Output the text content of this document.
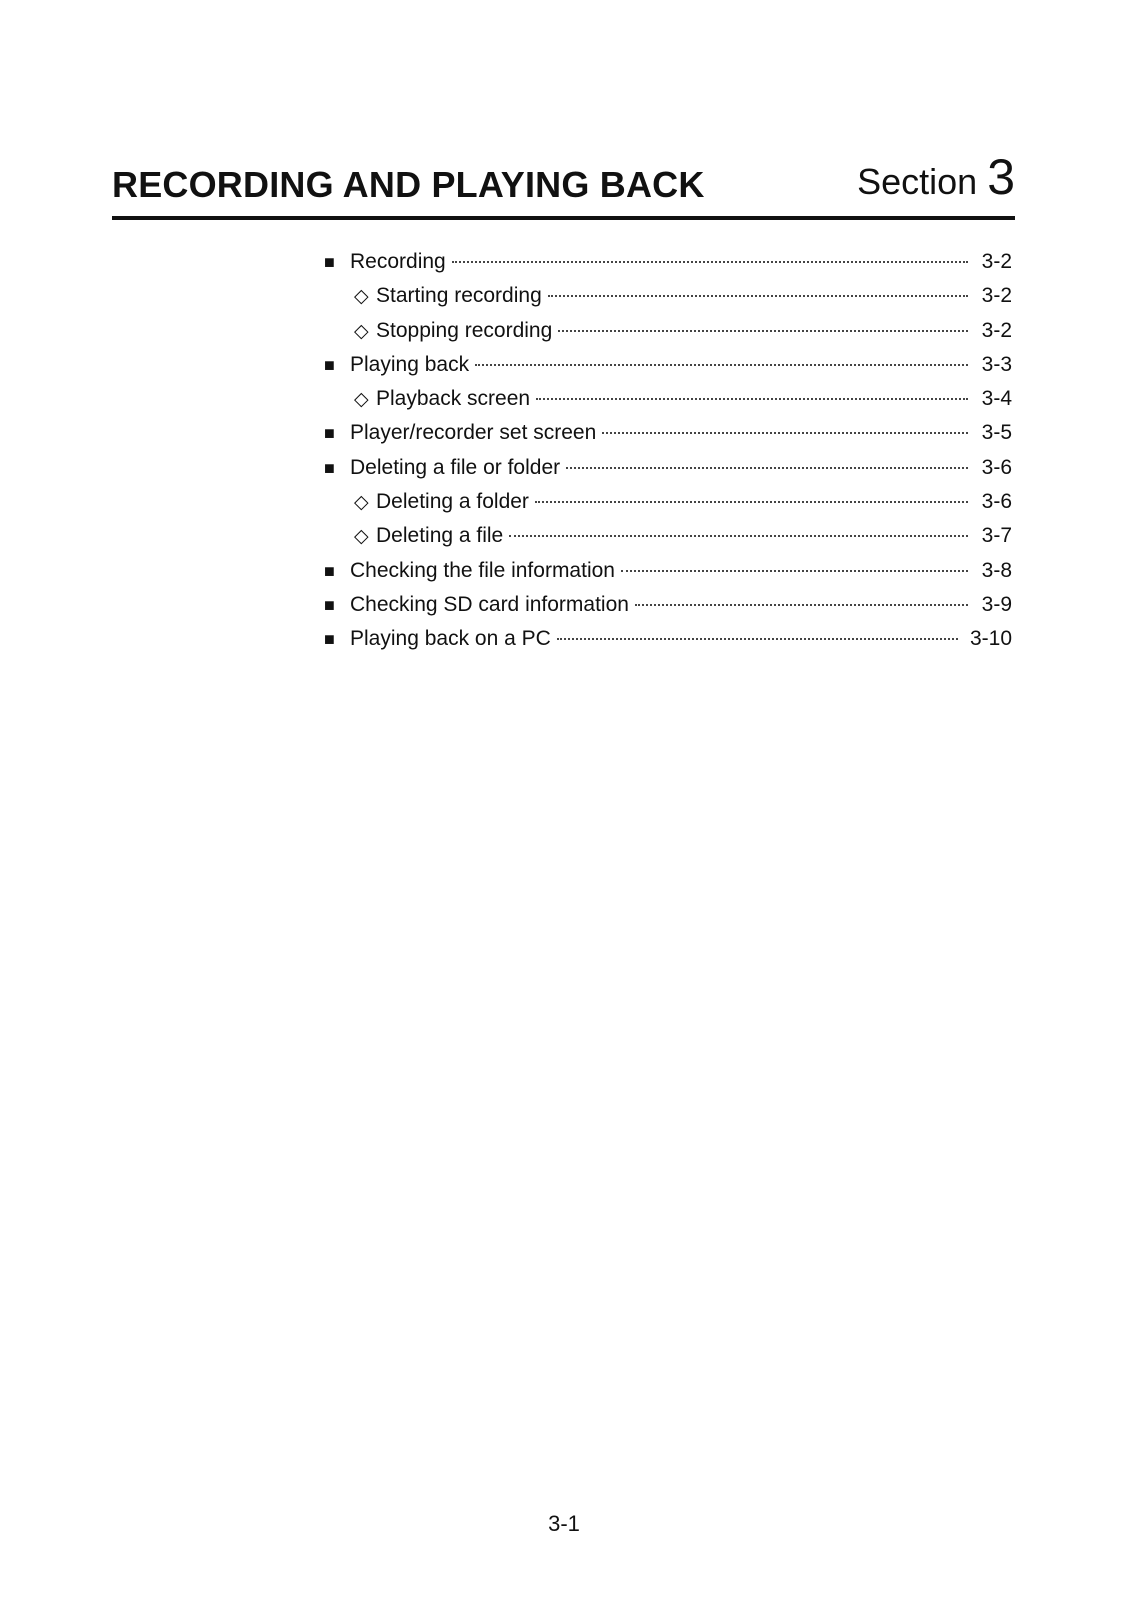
RECORDING AND PLAYING BACK	Section 3
■ Recording	3-2
◇ Starting recording	3-2
◇ Stopping recording	3-2
■ Playing back	3-3
◇ Playback screen	3-4
■ Player/recorder set screen	3-5
■ Deleting a file or folder	3-6
◇ Deleting a folder	3-6
◇ Deleting a file	3-7
■ Checking the file information	3-8
■ Checking SD card information	3-9
■ Playing back on a PC	3-10
3-1
